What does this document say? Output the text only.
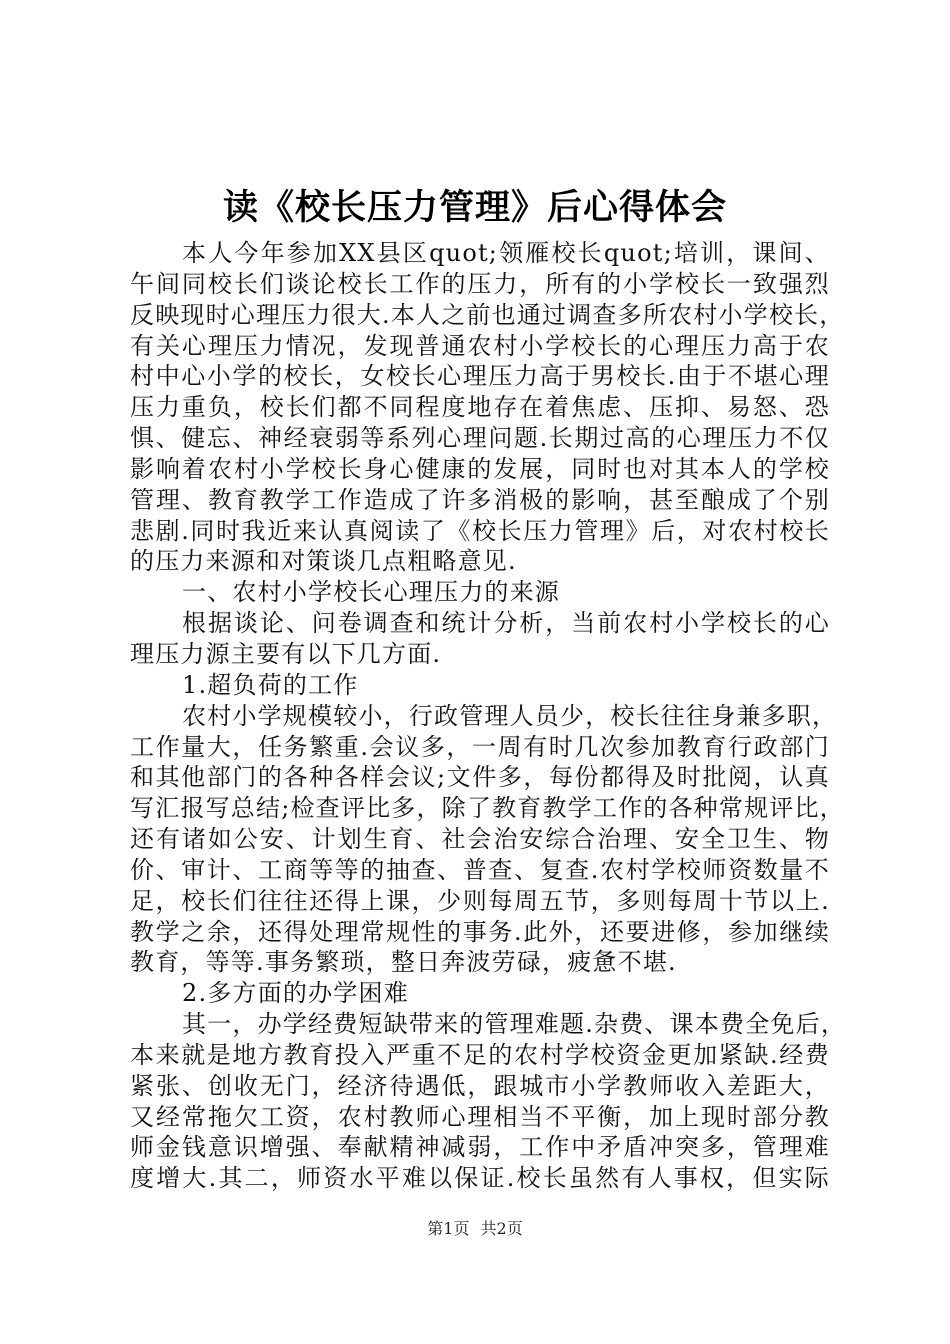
读《校长压力管理》后心得体会
本人今年参加XX县区quot;领雁校长quot;培训，课间、
午间同校长们谈论校长工作的压力，所有的小学校长一致强烈
反映现时心理压力很大.本人之前也通过调查多所农村小学校长，
有关心理压力情况，发现普通农村小学校长的心理压力高于农
村中心小学的校长，女校长心理压力高于男校长.由于不堪心理
压力重负，校长们都不同程度地存在着焦虑、压抑、易怒、恐
惧、健忘、神经衰弱等系列心理问题.长期过高的心理压力不仅
影响着农村小学校长身心健康的发展，同时也对其本人的学校
管理、教育教学工作造成了许多消极的影响，甚至酿成了个别
悲剧.同时我近来认真阅读了《校长压力管理》后，对农村校长
的压力来源和对策谈几点粗略意见.
一、农村小学校长心理压力的来源
根据谈论、问卷调查和统计分析，当前农村小学校长的心
理压力源主要有以下几方面.
1.超负荷的工作
农村小学规模较小，行政管理人员少，校长往往身兼多职，
工作量大，任务繁重.会议多，一周有时几次参加教育行政部门
和其他部门的各种各样会议;文件多，每份都得及时批阅，认真
写汇报写总结;检查评比多，除了教育教学工作的各种常规评比，
还有诸如公安、计划生育、社会治安综合治理、安全卫生、物
价、审计、工商等等的抽查、普查、复查.农村学校师资数量不
足，校长们往往还得上课，少则每周五节，多则每周十节以上.
教学之余，还得处理常规性的事务.此外，还要进修，参加继续
教育，等等.事务繁琐，整日奔波劳碌，疲惫不堪.
2.多方面的办学困难
其一，办学经费短缺带来的管理难题.杂费、课本费全免后，
本来就是地方教育投入严重不足的农村学校资金更加紧缺.经费
紧张、创收无门，经济待遇低，跟城市小学教师收入差距大，
又经常拖欠工资，农村教师心理相当不平衡，加上现时部分教
师金钱意识增强、奉献精神减弱，工作中矛盾冲突多，管理难
度增大.其二，师资水平难以保证.校长虽然有人事权，但实际
第1页 共2页
